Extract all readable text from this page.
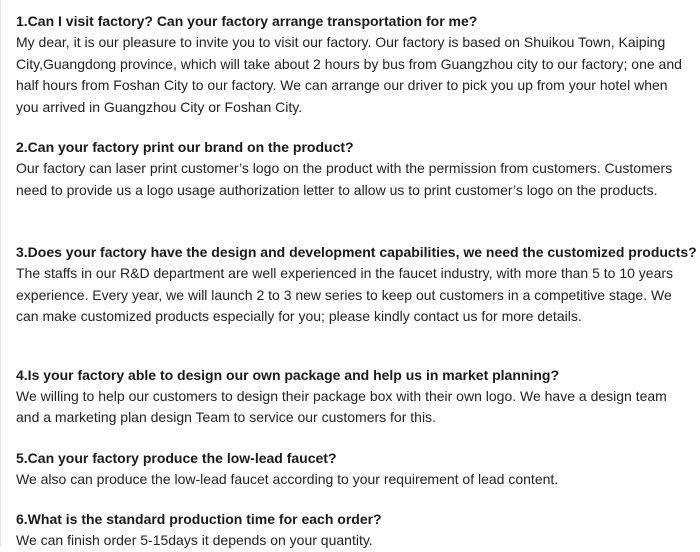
1.Can I visit factory? Can your factory arrange transportation for me?

My dear, it is our pleasure to invite you to visit our factory. Our factory is based on Shuikou Town, Kaiping
City,Guangdong province, which will take about 2 hours by bus from Guangzhou city to our factory; one and
half hours from Foshan City to our factory. We can arrange our driver to pick you up from your hotel when
you arrived in Guangzhou City or Foshan City.

2.Can your factory print our brand on the product?

Our factory can laser print customer’s logo on the product with the permission from customers. Customers
need to provide us a logo usage authorization letter to allow us to print customer’s logo on the products.

3.Does your factory have the design and development capabilities, we need the customized products?

The staffs in our R&D department are well experienced in the faucet industry, with more than 5 to 10 years
experience. Every year, we will launch 2 to 3 new series to keep out customers in a competitive stage. We
can make customized products especially for you; please kindly contact us for more details.

4.Is your factory able to design our own package and help us in market planning?

We willing to help our customers to design their package box with their own logo. We have a design team
and a marketing plan design Team to service our customers for this.

5.Can your factory produce the low-lead faucet?

We also can produce the low-lead faucet according to your requirement of lead content.

6.What is the standard production time for each order?

We can finish order 5-15days it depends on your quantity.
